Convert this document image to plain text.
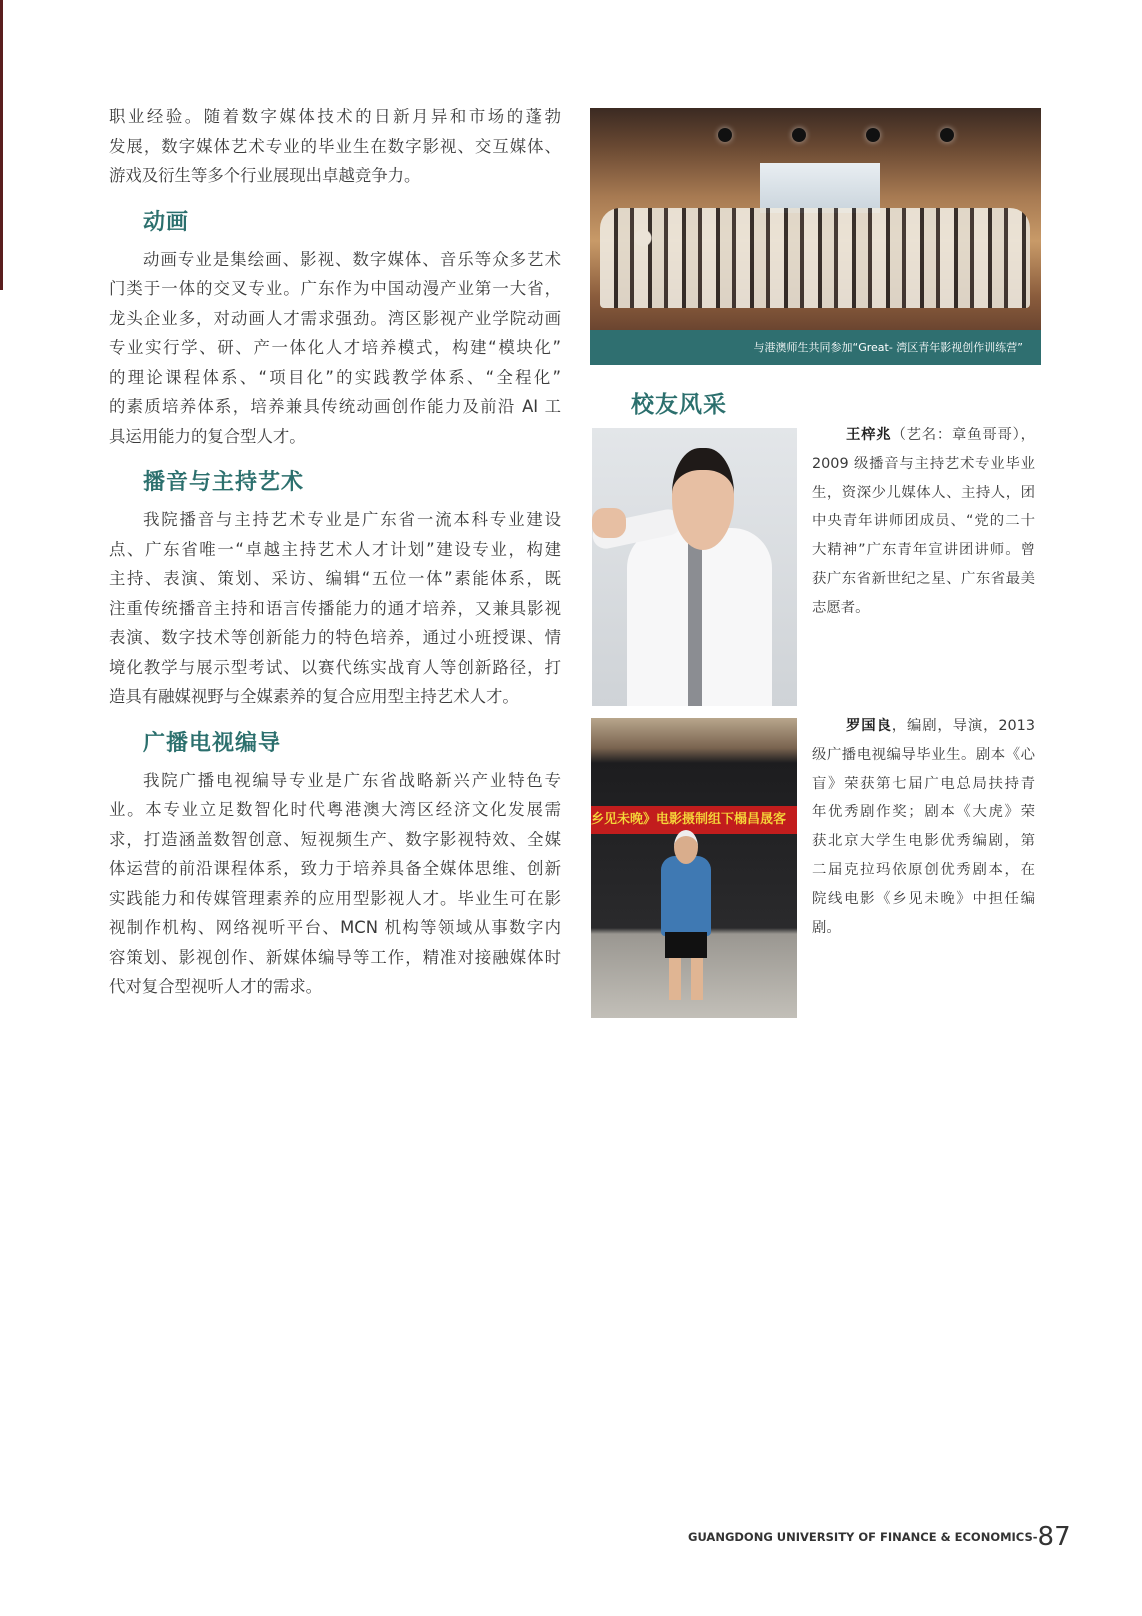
职业经验。随着数字媒体技术的日新月异和市场的蓬勃
发展，数字媒体艺术专业的毕业生在数字影视、交互媒体、
游戏及衍生等多个行业展现出卓越竞争力。
动画
动画专业是集绘画、影视、数字媒体、音乐等众多艺术
门类于一体的交叉专业。广东作为中国动漫产业第一大省，
龙头企业多，对动画人才需求强劲。湾区影视产业学院动画
专业实行学、研、产一体化人才培养模式，构建“模块化”
的理论课程体系、“项目化”的实践教学体系、“全程化”
的素质培养体系，培养兼具传统动画创作能力及前沿 AI 工
具运用能力的复合型人才。
播音与主持艺术
我院播音与主持艺术专业是广东省一流本科专业建设
点、广东省唯一“卓越主持艺术人才计划”建设专业，构建
主持、表演、策划、采访、编辑“五位一体”素能体系，既
注重传统播音主持和语言传播能力的通才培养，又兼具影视
表演、数字技术等创新能力的特色培养，通过小班授课、情
境化教学与展示型考试、以赛代练实战育人等创新路径，打
造具有融媒视野与全媒素养的复合应用型主持艺术人才。
广播电视编导
我院广播电视编导专业是广东省战略新兴产业特色专
业。本专业立足数智化时代粤港澳大湾区经济文化发展需
求，打造涵盖数智创意、短视频生产、数字影视特效、全媒
体运营的前沿课程体系，致力于培养具备全媒体思维、创新
实践能力和传媒管理素养的应用型影视人才。毕业生可在影
视制作机构、网络视听平台、MCN 机构等领域从事数字内
容策划、影视创作、新媒体编导等工作，精准对接融媒体时
代对复合型视听人才的需求。
与港澳师生共同参加“Great- 湾区青年影视创作训练营”
校友风采
王梓兆（艺名：章鱼哥哥），
2009 级播音与主持艺术专业毕业
生，资深少儿媒体人、主持人，团
中央青年讲师团成员、“党的二十
大精神”广东青年宣讲团讲师。曾
获广东省新世纪之星、广东省最美
志愿者。
乡见未晚》电影摄制组下榻昌晟客
罗国良，编剧，导演，2013
级广播电视编导毕业生。剧本《心
盲》荣获第七届广电总局扶持青
年优秀剧作奖；剧本《大虎》荣
获北京大学生电影优秀编剧，第
二届克拉玛依原创优秀剧本，在
院线电影《乡见未晚》中担任编
剧。
GUANGDONG UNIVERSITY OF FINANCE & ECONOMICS-87
